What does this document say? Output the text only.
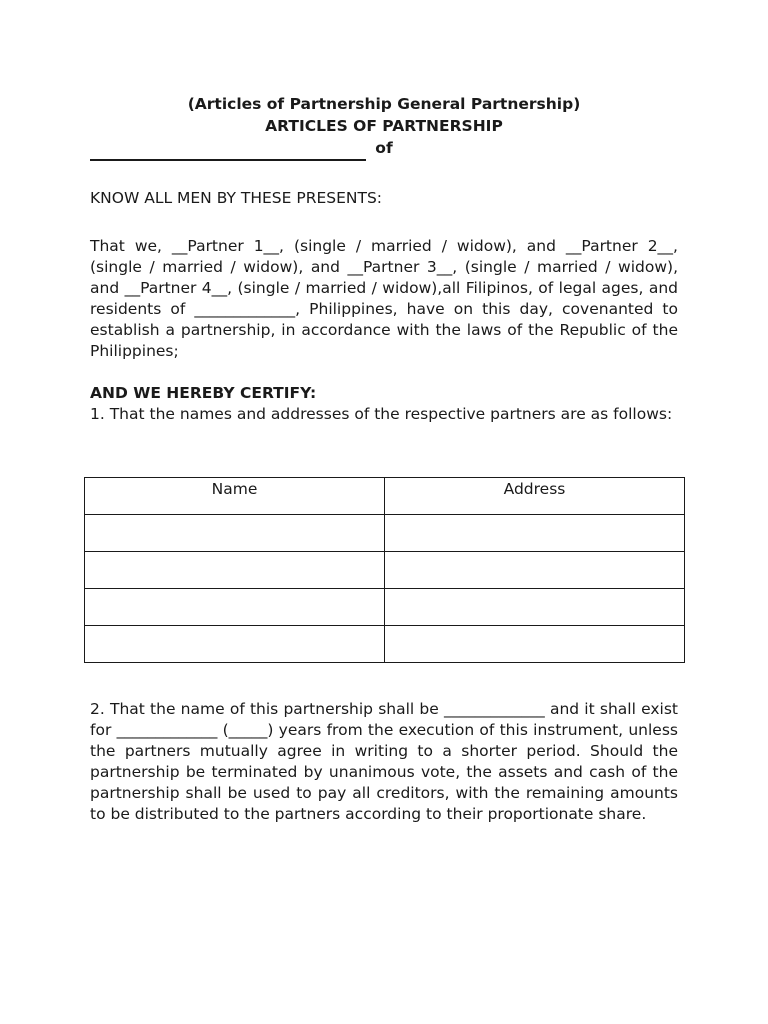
(Articles of Partnership General Partnership)
ARTICLES OF PARTNERSHIP
of
KNOW ALL MEN BY THESE PRESENTS:
That we, __Partner 1__, (single / married / widow), and __Partner 2__, (single / married / widow), and __Partner 3__, (single / married / widow), and __Partner 4__, (single / married / widow),all Filipinos, of legal ages, and residents of _____________, Philippines, have on this day, covenanted to establish a partnership, in accordance with the laws of the Republic of the Philippines;
AND WE HEREBY CERTIFY:
1. That the names and addresses of the respective partners are as follows:
Name	Address

2. That the name of this partnership shall be _____________ and it shall exist for _____________ (_____) years from the execution of this instrument, unless the partners mutually agree in writing to a shorter period. Should the partnership be terminated by unanimous vote, the assets and cash of the partnership shall be used to pay all creditors, with the remaining amounts to be distributed to the partners according to their proportionate share.
